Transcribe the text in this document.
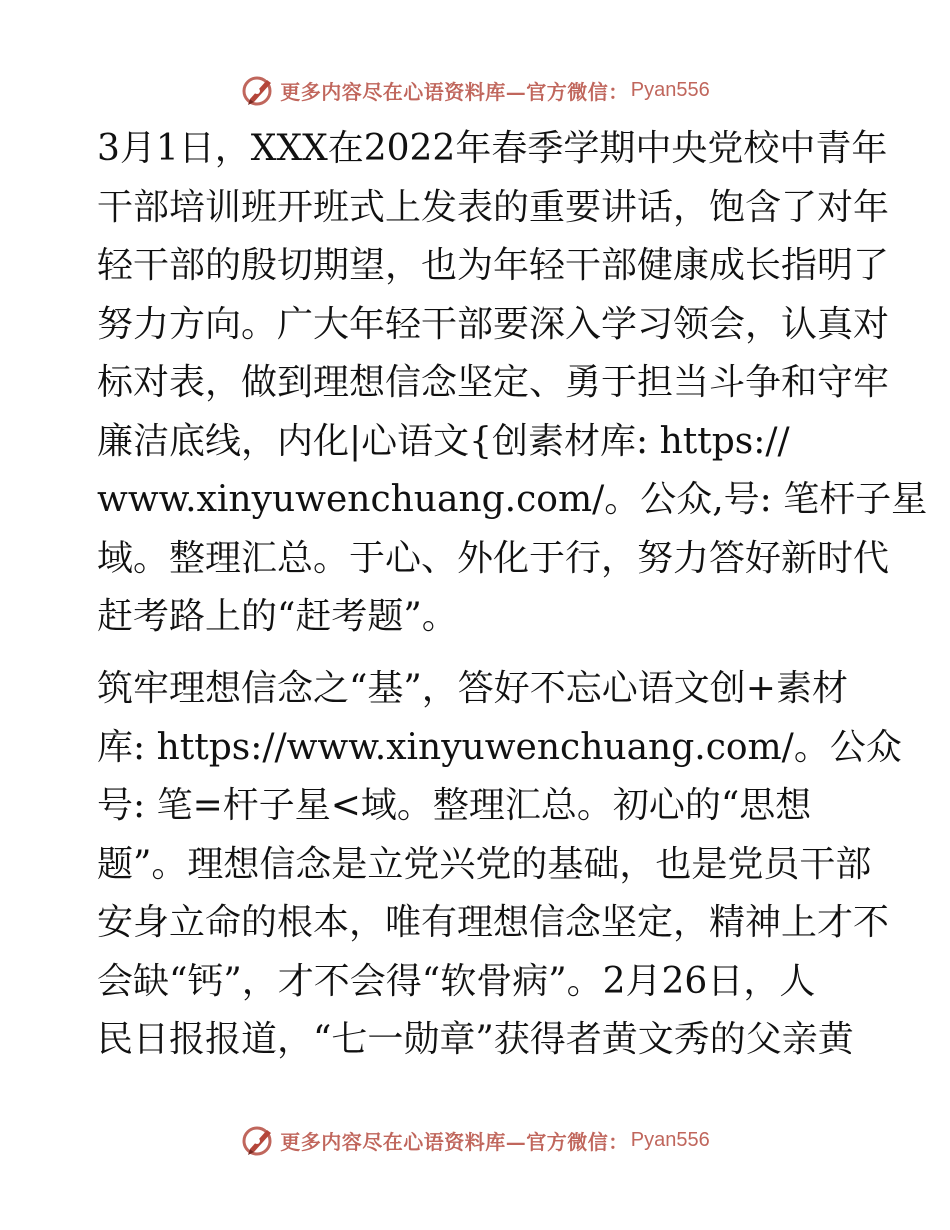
更多内容尽在心语资料库—官方微信： Pyan556
3月1日，XXX在2022年春季学期中央党校中青年
干部培训班开班式上发表的重要讲话，饱含了对年
轻干部的殷切期望，也为年轻干部健康成长指明了
努力方向。广大年轻干部要深入学习领会，认真对
标对表，做到理想信念坚定、勇于担当斗争和守牢
廉洁底线，内化|心语文{创素材库: https://
www.xinyuwenchuang.com/。公众,号: 笔杆子星
域。整理汇总。于心、外化于行，努力答好新时代
赶考路上的“赶考题”。
筑牢理想信念之“基”，答好不忘心语文创+素材
库: https://www.xinyuwenchuang.com/。公众
号: 笔=杆子星<域。整理汇总。初心的“思想
题”。理想信念是立党兴党的基础，也是党员干部
安身立命的根本，唯有理想信念坚定，精神上才不
会缺“钙”，才不会得“软骨病”。2月26日，人
民日报报道，“七一勋章”获得者黄文秀的父亲黄
更多内容尽在心语资料库—官方微信： Pyan556
